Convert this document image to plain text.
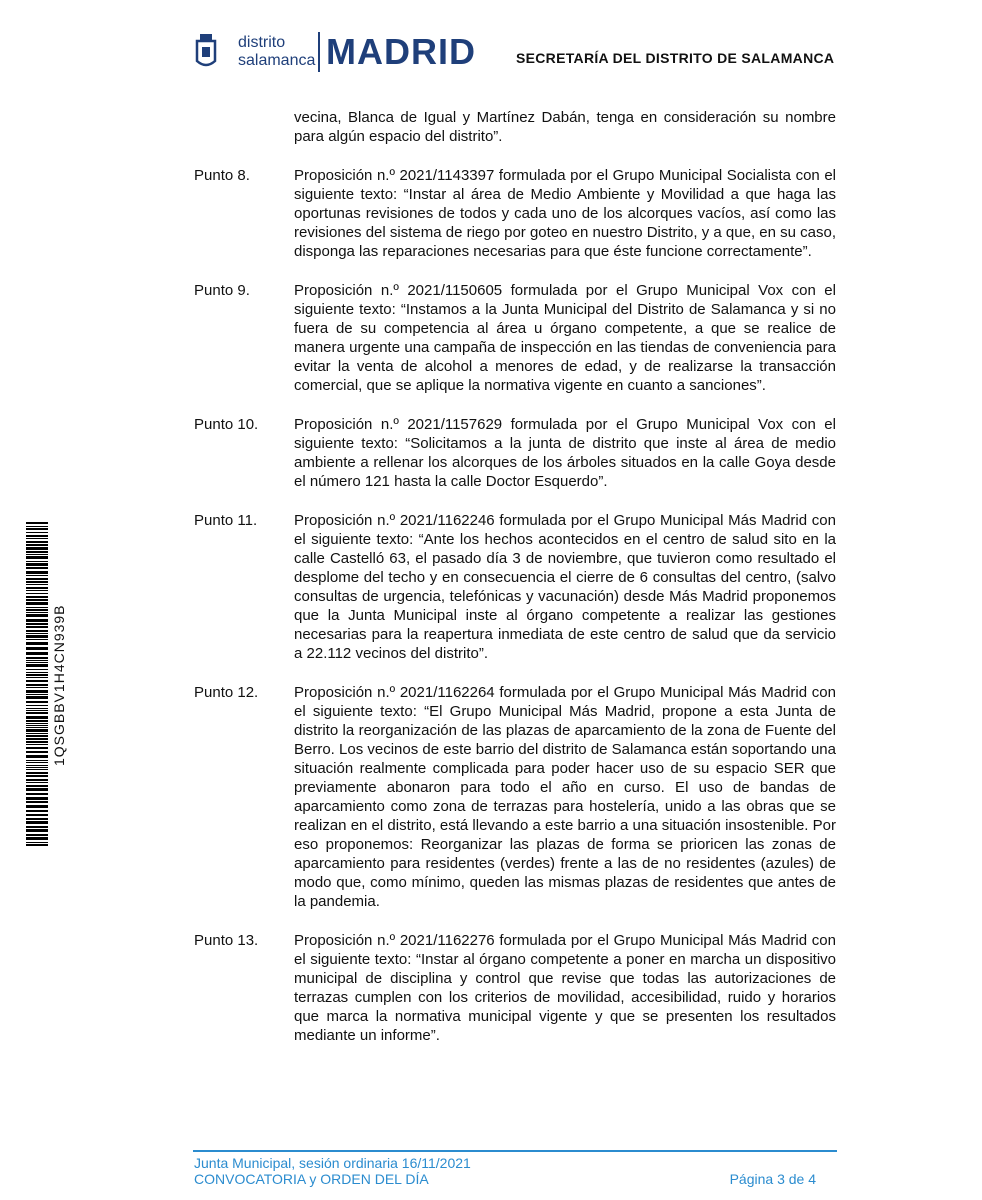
distrito
salamanca MADRID	SECRETARÍA DEL DISTRITO DE SALAMANCA
1QSGBBV1H4CN939B
vecina, Blanca de Igual y Martínez Dabán, tenga en consideración su nombre para algún espacio del distrito”.
Punto 8.	Proposición n.º 2021/1143397 formulada por el Grupo Municipal Socialista con el siguiente texto: “Instar al área de Medio Ambiente y Movilidad a que haga las oportunas revisiones de todos y cada uno de los alcorques vacíos, así como las revisiones del sistema de riego por goteo en nuestro Distrito, y a que, en su caso, disponga las reparaciones necesarias para que éste funcione correctamente”.
Punto 9.	Proposición n.º 2021/1150605 formulada por el Grupo Municipal Vox con el siguiente texto: “Instamos a la Junta Municipal del Distrito de Salamanca y si no fuera de su competencia al área u órgano competente, a que se realice de manera urgente una campaña de inspección en las tiendas de conveniencia para evitar la venta de alcohol a menores de edad, y de realizarse la transacción comercial, que se aplique la normativa vigente en cuanto a sanciones”.
Punto 10.	Proposición n.º 2021/1157629 formulada por el Grupo Municipal Vox con el siguiente texto: “Solicitamos a la junta de distrito que inste al área de medio ambiente a rellenar los alcorques de los árboles situados en la calle Goya desde el número 121 hasta la calle Doctor Esquerdo”.
Punto 11.	Proposición n.º 2021/1162246 formulada por el Grupo Municipal Más Madrid con el siguiente texto: “Ante los hechos acontecidos en el centro de salud sito en la calle Castelló 63, el pasado día 3 de noviembre, que tuvieron como resultado el desplome del techo y en consecuencia el cierre de 6 consultas del centro, (salvo consultas de urgencia, telefónicas y vacunación) desde Más Madrid proponemos que la Junta Municipal inste al órgano competente a realizar las gestiones necesarias para la reapertura inmediata de este centro de salud que da servicio a 22.112 vecinos del distrito”.
Punto 12.	Proposición n.º 2021/1162264 formulada por el Grupo Municipal Más Madrid con el siguiente texto: “El Grupo Municipal Más Madrid, propone a esta Junta de distrito la reorganización de las plazas de aparcamiento de la zona de Fuente del Berro. Los vecinos de este barrio del distrito de Salamanca están soportando una situación realmente complicada para poder hacer uso de su espacio SER que previamente abonaron para todo el año en curso. El uso de bandas de aparcamiento como zona de terrazas para hostelería, unido a las obras que se realizan en el distrito, está llevando a este barrio a una situación insostenible. Por eso proponemos: Reorganizar las plazas de forma se prioricen las zonas de aparcamiento para residentes (verdes) frente a las de no residentes (azules) de modo que, como mínimo, queden las mismas plazas de residentes que antes de la pandemia.
Punto 13.	Proposición n.º 2021/1162276 formulada por el Grupo Municipal Más Madrid con el siguiente texto: “Instar al órgano competente a poner en marcha un dispositivo municipal de disciplina y control que revise que todas las autorizaciones de terrazas cumplen con los criterios de movilidad, accesibilidad, ruido y horarios que marca la normativa municipal vigente y que se presenten los resultados mediante un informe”.
Junta Municipal, sesión ordinaria 16/11/2021
CONVOCATORIA y ORDEN DEL DÍA	Página 3 de 4
